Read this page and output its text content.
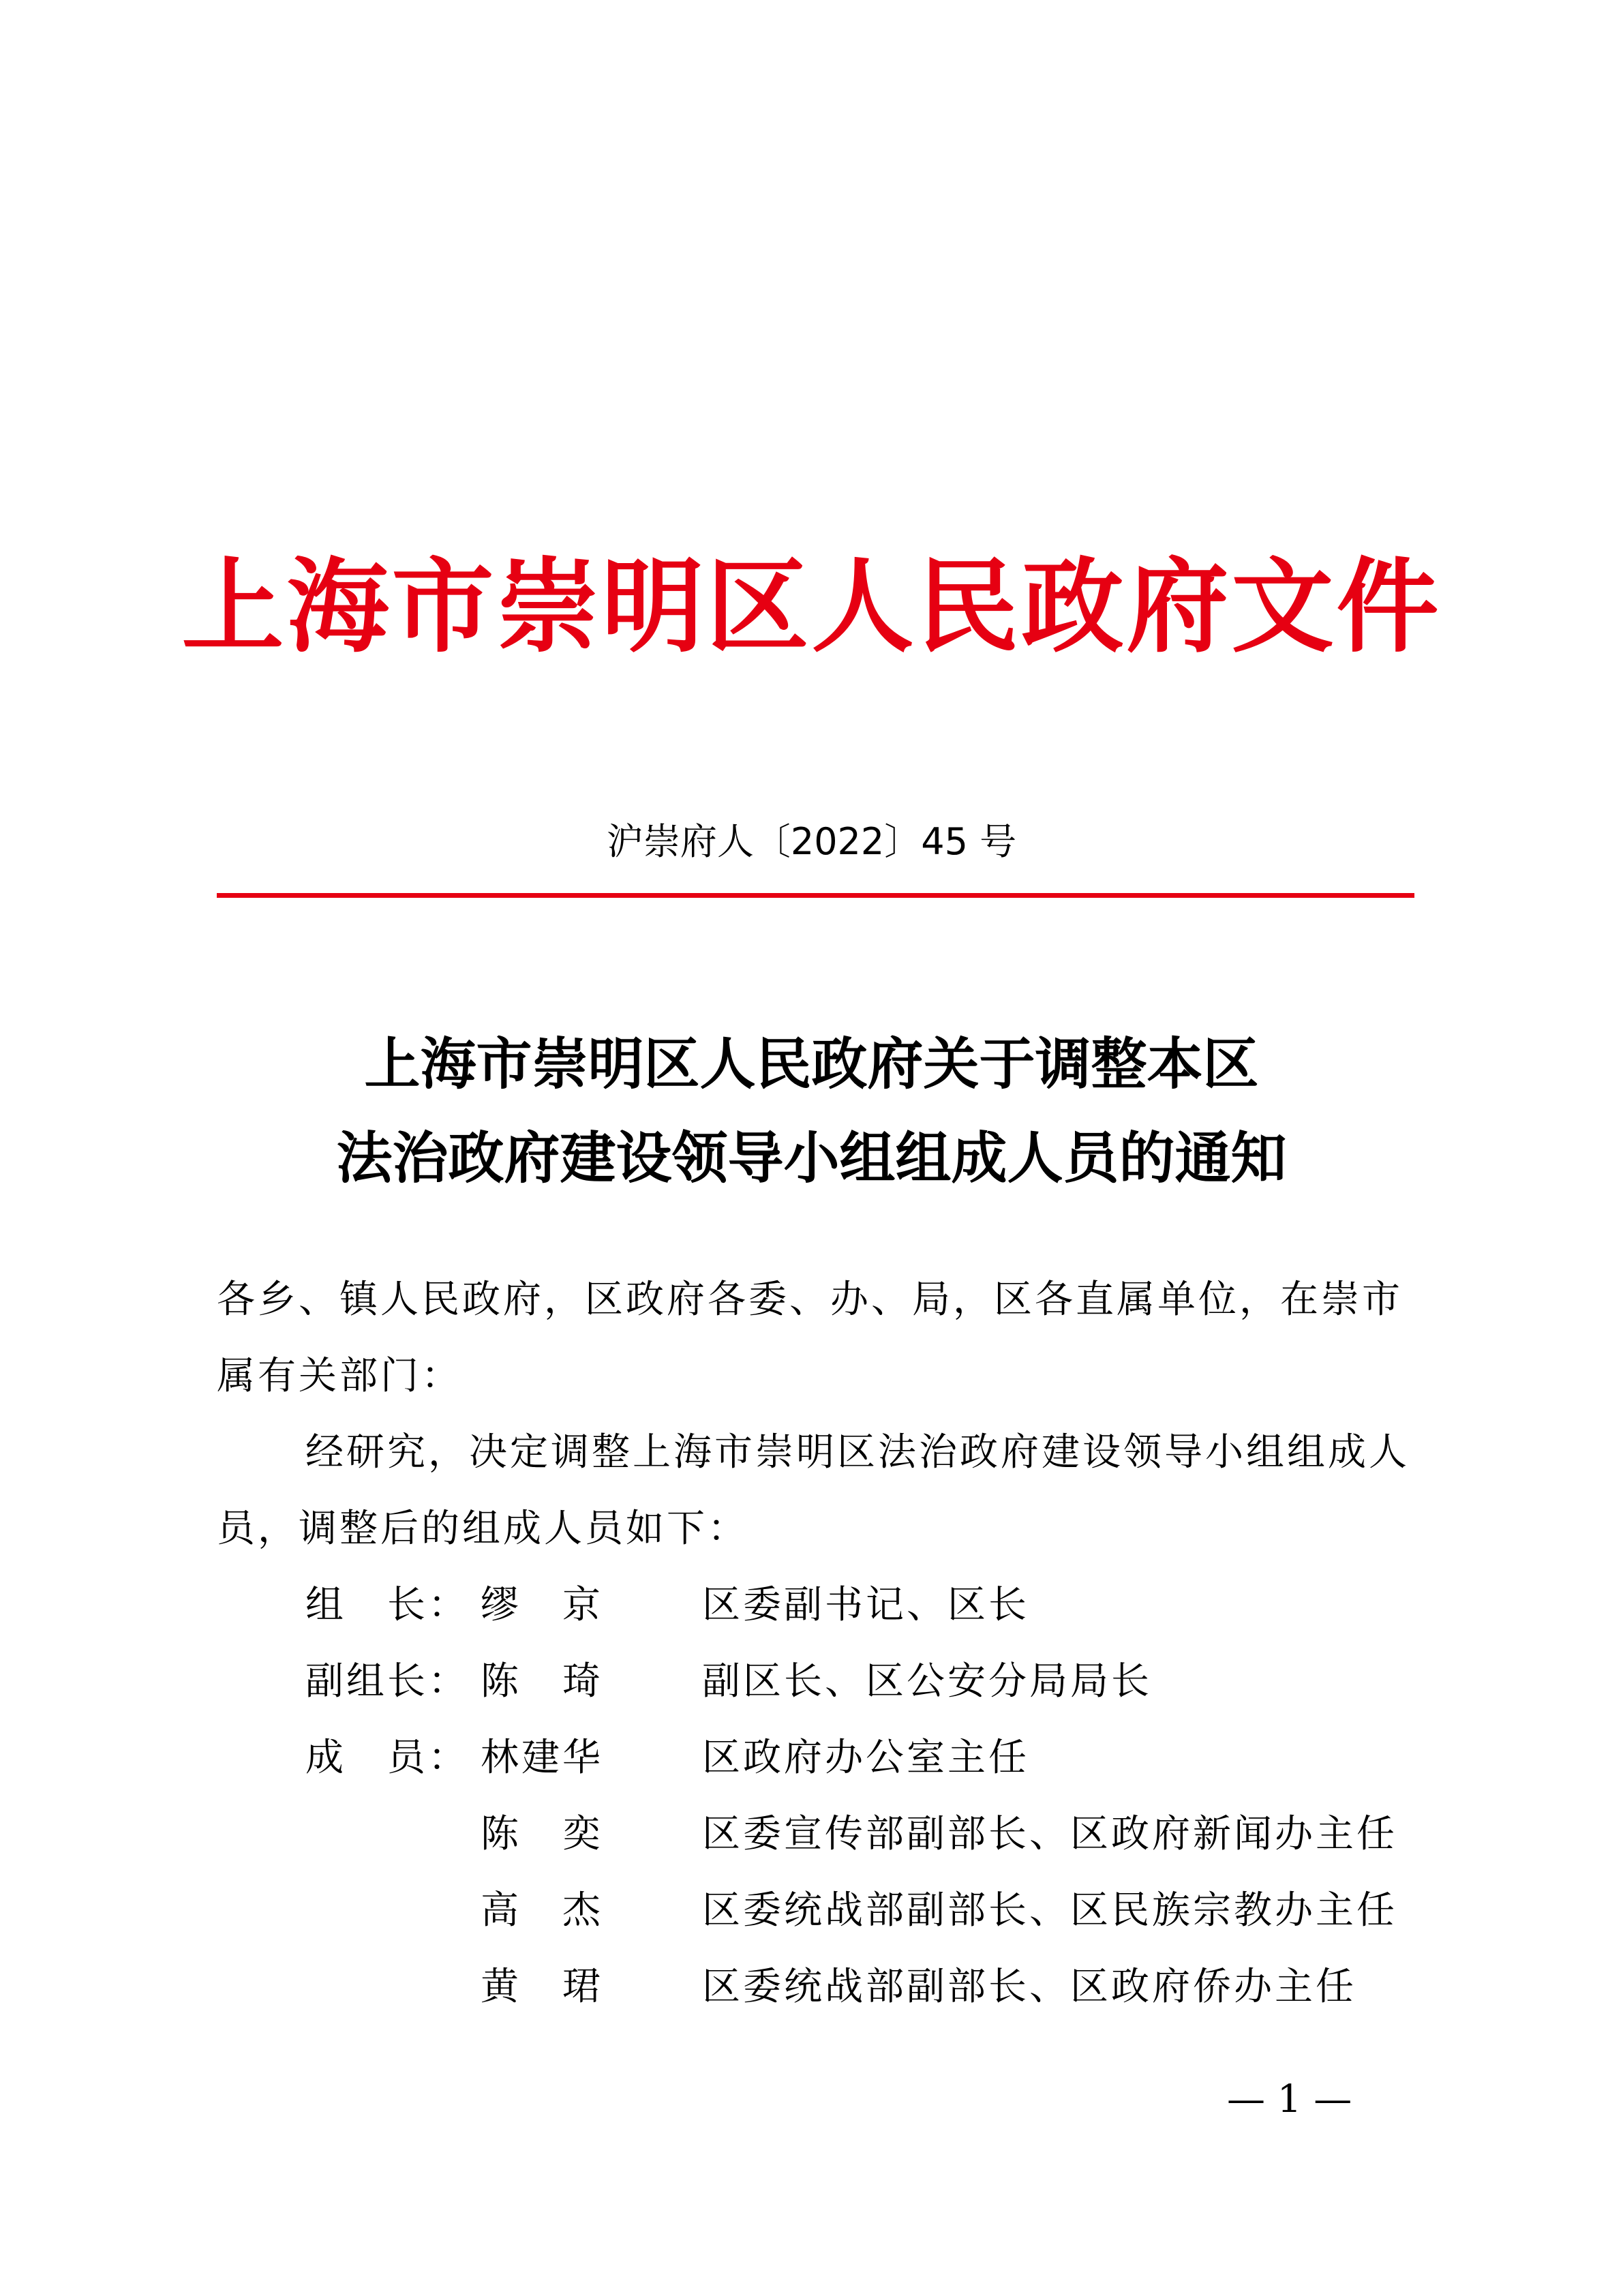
上海市崇明区人民政府文件
沪崇府人〔2022〕45 号
上海市崇明区人民政府关于调整本区
法治政府建设领导小组组成人员的通知
各乡、镇人民政府，区政府各委、办、局，区各直属单位，在崇市属有关部门：
经研究，决定调整上海市崇明区法治政府建设领导小组组成人员，调整后的组成人员如下：
组　长： 缪　京	区委副书记、区长
副组长： 陈　琦	副区长、区公安分局局长
成　员： 林建华	区政府办公室主任
陈　奕	区委宣传部副部长、区政府新闻办主任
高　杰	区委统战部副部长、区民族宗教办主任
黄　珺	区委统战部副部长、区政府侨办主任
— 1 —
